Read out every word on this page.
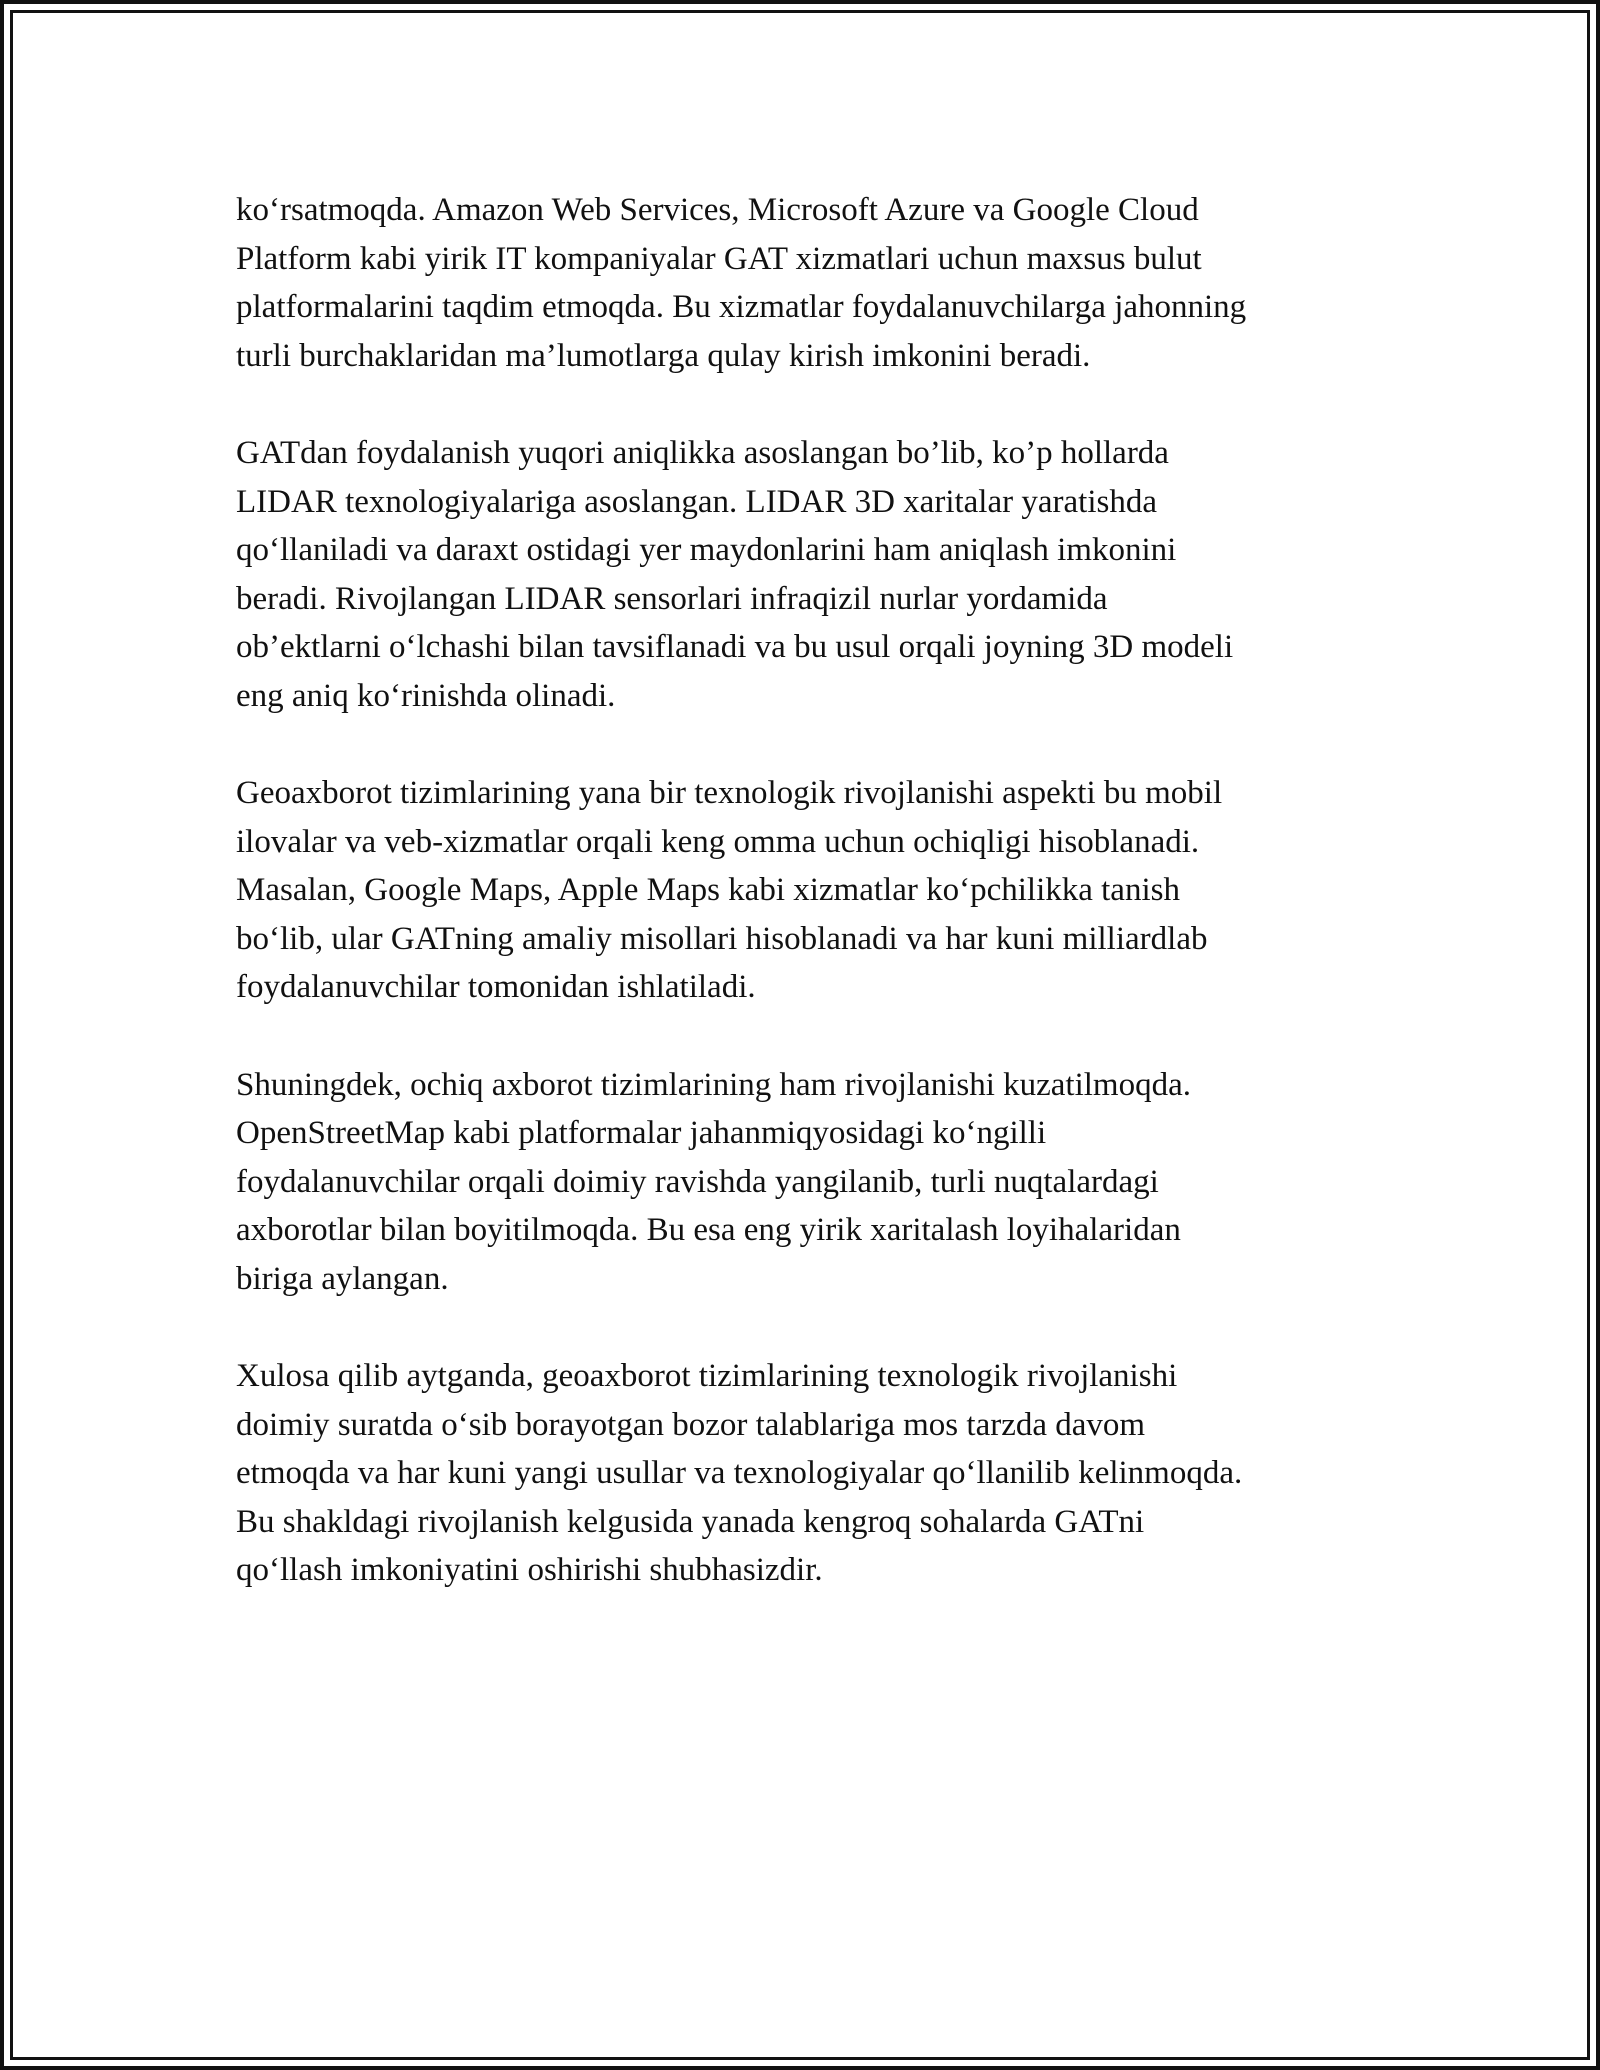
ko‘rsatmoqda. Amazon Web Services, Microsoft Azure va Google Cloud
Platform kabi yirik IT kompaniyalar GAT xizmatlari uchun maxsus bulut
platformalarini taqdim etmoqda. Bu xizmatlar foydalanuvchilarga jahonning
turli burchaklaridan ma’lumotlarga qulay kirish imkonini beradi.

GATdan foydalanish yuqori aniqlikka asoslangan bo’lib, ko’p hollarda
LIDAR texnologiyalariga asoslangan. LIDAR 3D xaritalar yaratishda
qo‘llaniladi va daraxt ostidagi yer maydonlarini ham aniqlash imkonini
beradi. Rivojlangan LIDAR sensorlari infraqizil nurlar yordamida
ob’ektlarni o‘lchashi bilan tavsiflanadi va bu usul orqali joyning 3D modeli
eng aniq ko‘rinishda olinadi.

Geoaxborot tizimlarining yana bir texnologik rivojlanishi aspekti bu mobil
ilovalar va veb-xizmatlar orqali keng omma uchun ochiqligi hisoblanadi.
Masalan, Google Maps, Apple Maps kabi xizmatlar ko‘pchilikka tanish
bo‘lib, ular GATning amaliy misollari hisoblanadi va har kuni milliardlab
foydalanuvchilar tomonidan ishlatiladi.

Shuningdek, ochiq axborot tizimlarining ham rivojlanishi kuzatilmoqda.
OpenStreetMap kabi platformalar jahanmiqyosidagi ko‘ngilli
foydalanuvchilar orqali doimiy ravishda yangilanib, turli nuqtalardagi
axborotlar bilan boyitilmoqda. Bu esa eng yirik xaritalash loyihalaridan
biriga aylangan.

Xulosa qilib aytganda, geoaxborot tizimlarining texnologik rivojlanishi
doimiy suratda o‘sib borayotgan bozor talablariga mos tarzda davom
etmoqda va har kuni yangi usullar va texnologiyalar qo‘llanilib kelinmoqda.
Bu shakldagi rivojlanish kelgusida yanada kengroq sohalarda GATni
qo‘llash imkoniyatini oshirishi shubhasizdir.
